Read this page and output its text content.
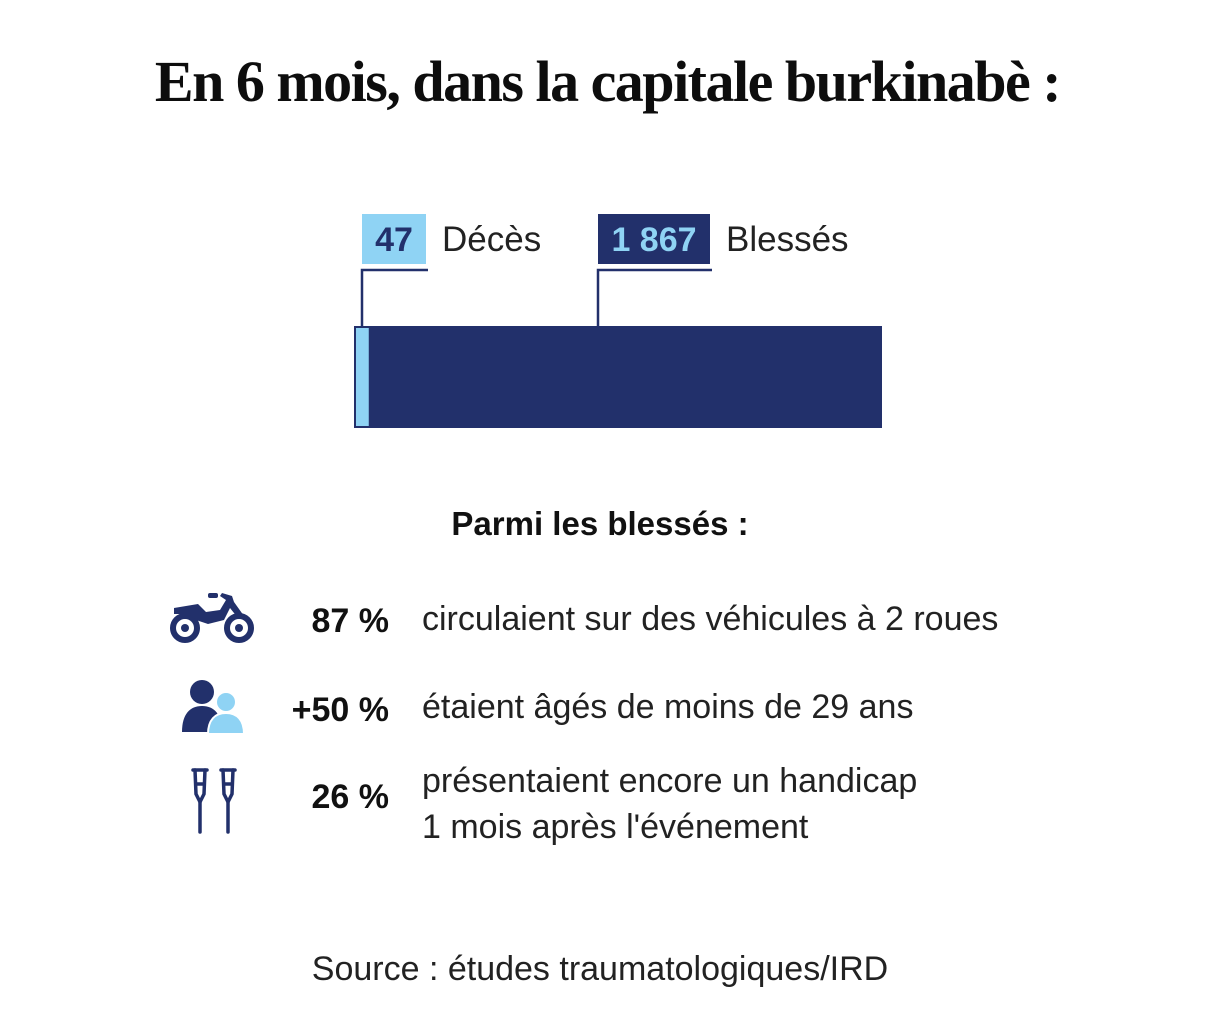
En 6 mois, dans la capitale burkinabè :
47 Décès 1 867 Blessés
Parmi les blessés :
87 % circulaient sur des véhicules à 2 roues
+50 % étaient âgés de moins de 29 ans
26 % présentaient encore un handicap
1 mois après l'événement
Source : études traumatologiques/IRD
